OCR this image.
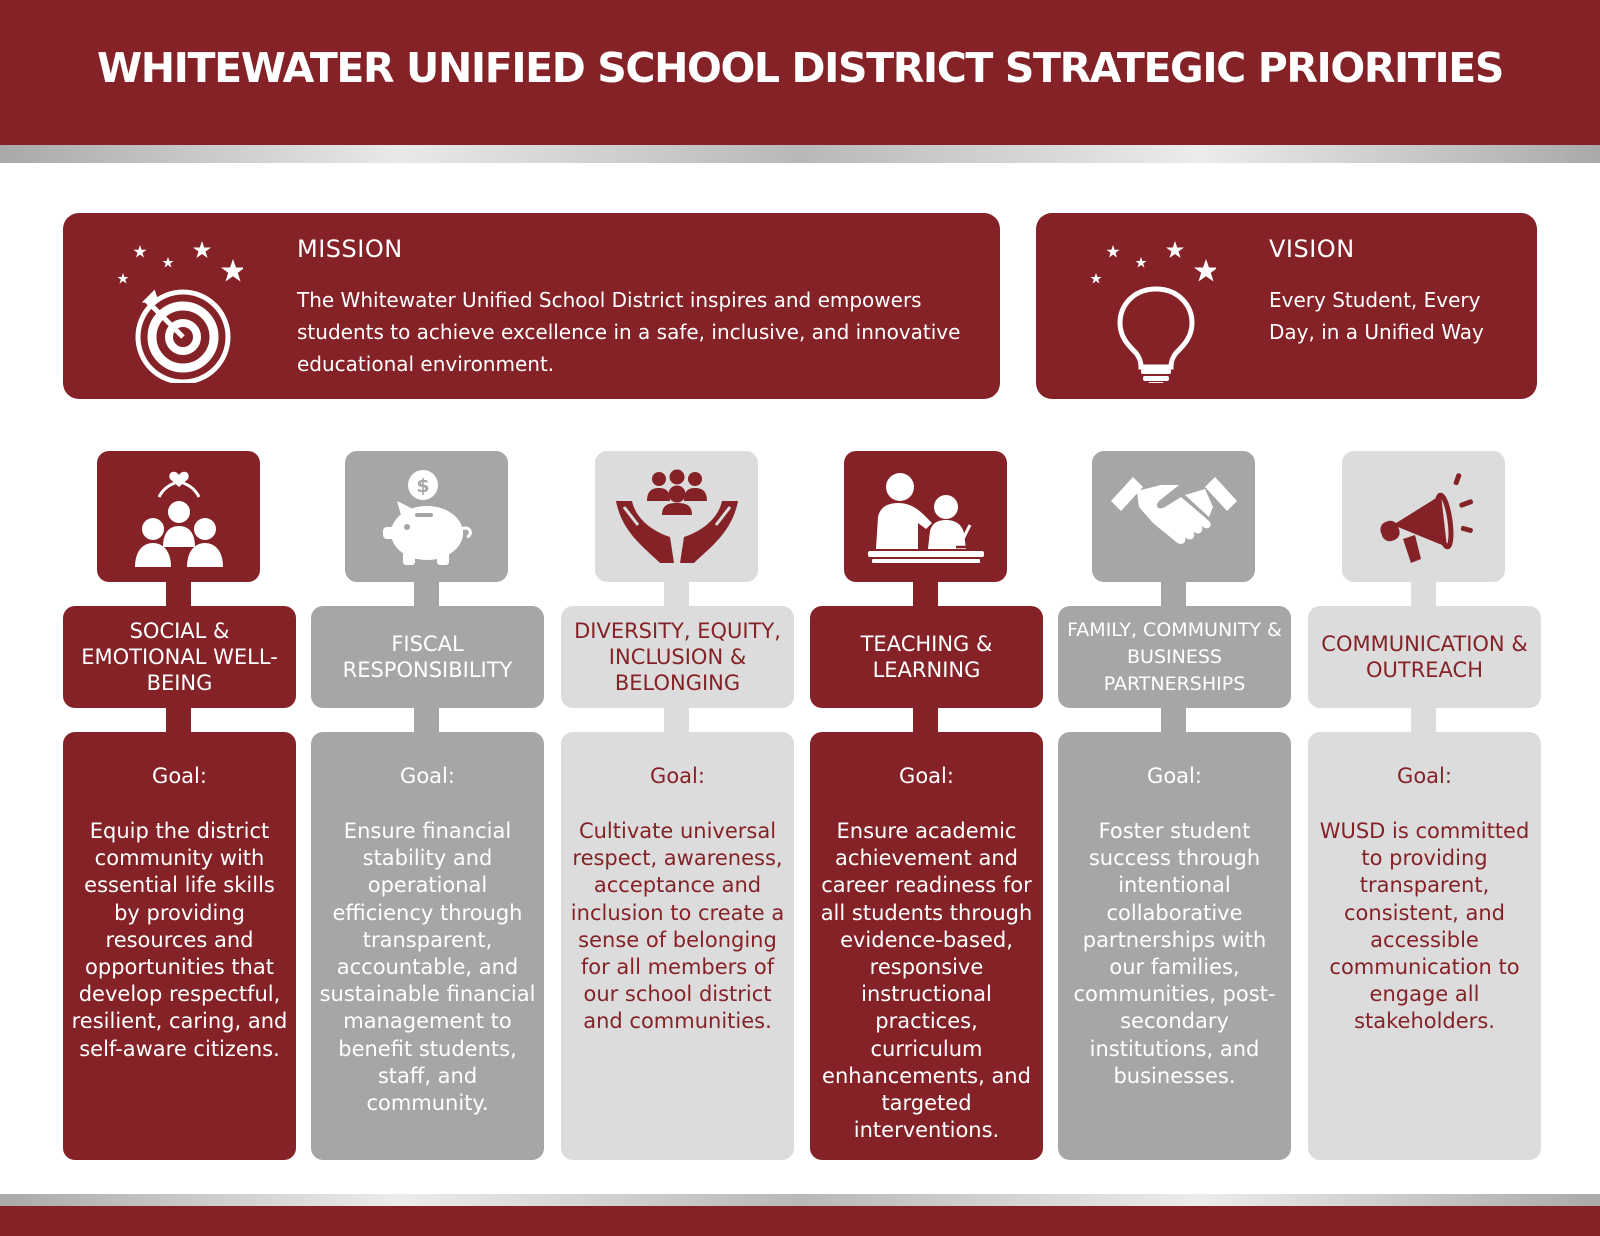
WHITEWATER UNIFIED SCHOOL DISTRICT STRATEGIC PRIORITIES
MISSION
The Whitewater Unified School District inspires and empowers students to achieve excellence in a safe, inclusive, and innovative educational environment.
VISION
Every Student, Every Day, in a Unified Way
SOCIAL & EMOTIONAL WELL-BEING
Goal:
Equip the district community with essential life skills by providing resources and opportunities that develop respectful, resilient, caring, and self-aware citizens.
$
FISCAL RESPONSIBILITY
Goal:
Ensure financial stability and operational efficiency through transparent, accountable, and sustainable financial management to benefit students, staff, and community.
DIVERSITY, EQUITY, INCLUSION & BELONGING
Goal:
Cultivate universal respect, awareness, acceptance and inclusion to create a sense of belonging for all members of our school district and communities.
TEACHING & LEARNING
Goal:
Ensure academic achievement and career readiness for all students through evidence-based, responsive instructional practices, curriculum enhancements, and targeted interventions.
FAMILY, COMMUNITY & BUSINESS PARTNERSHIPS
Goal:
Foster student success through intentional collaborative partnerships with our families, communities, post-secondary institutions, and businesses.
COMMUNICATION & OUTREACH
Goal:
WUSD is committed to providing transparent, consistent, and accessible communication to engage all stakeholders.
